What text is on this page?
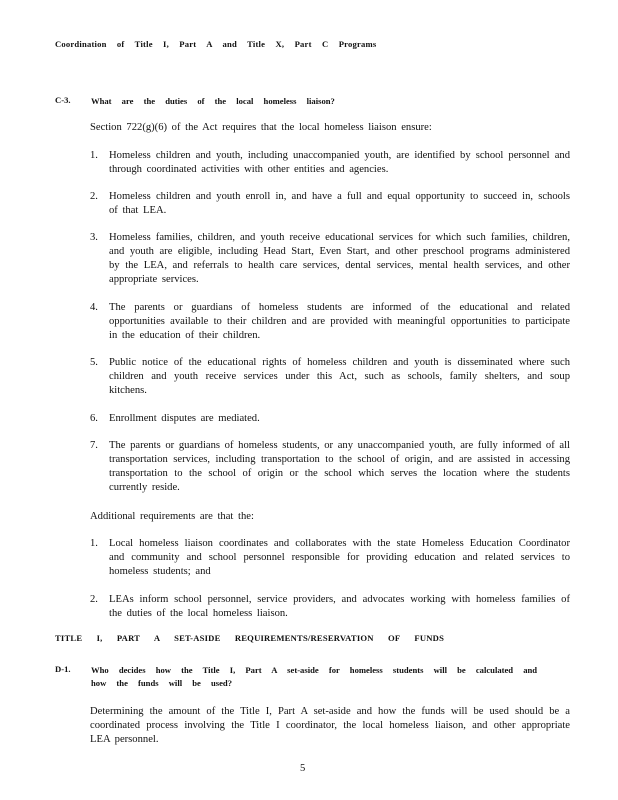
Coordination of Title I, Part A and Title X, Part C Programs
C-3. What are the duties of the local homeless liaison?
Section 722(g)(6) of the Act requires that the local homeless liaison ensure:
1. Homeless children and youth, including unaccompanied youth, are identified by school personnel and through coordinated activities with other entities and agencies.
2. Homeless children and youth enroll in, and have a full and equal opportunity to succeed in, schools of that LEA.
3. Homeless families, children, and youth receive educational services for which such families, children, and youth are eligible, including Head Start, Even Start, and other preschool programs administered by the LEA, and referrals to health care services, dental services, mental health services, and other appropriate services.
4. The parents or guardians of homeless students are informed of the educational and related opportunities available to their children and are provided with meaningful opportunities to participate in the education of their children.
5. Public notice of the educational rights of homeless children and youth is disseminated where such children and youth receive services under this Act, such as schools, family shelters, and soup kitchens.
6. Enrollment disputes are mediated.
7. The parents or guardians of homeless students, or any unaccompanied youth, are fully informed of all transportation services, including transportation to the school of origin, and are assisted in accessing transportation to the school of origin or the school which serves the location where the students currently reside.
Additional requirements are that the:
1. Local homeless liaison coordinates and collaborates with the state Homeless Education Coordinator and community and school personnel responsible for providing education and related services to homeless students; and
2. LEAs inform school personnel, service providers, and advocates working with homeless families of the duties of the local homeless liaison.
TITLE I, PART A SET-ASIDE REQUIREMENTS/RESERVATION OF FUNDS
D-1. Who decides how the Title I, Part A set-aside for homeless students will be calculated and
how the funds will be used?
Determining the amount of the Title I, Part A set-aside and how the funds will be used should be a coordinated process involving the Title I coordinator, the local homeless liaison, and other appropriate LEA personnel.
5
